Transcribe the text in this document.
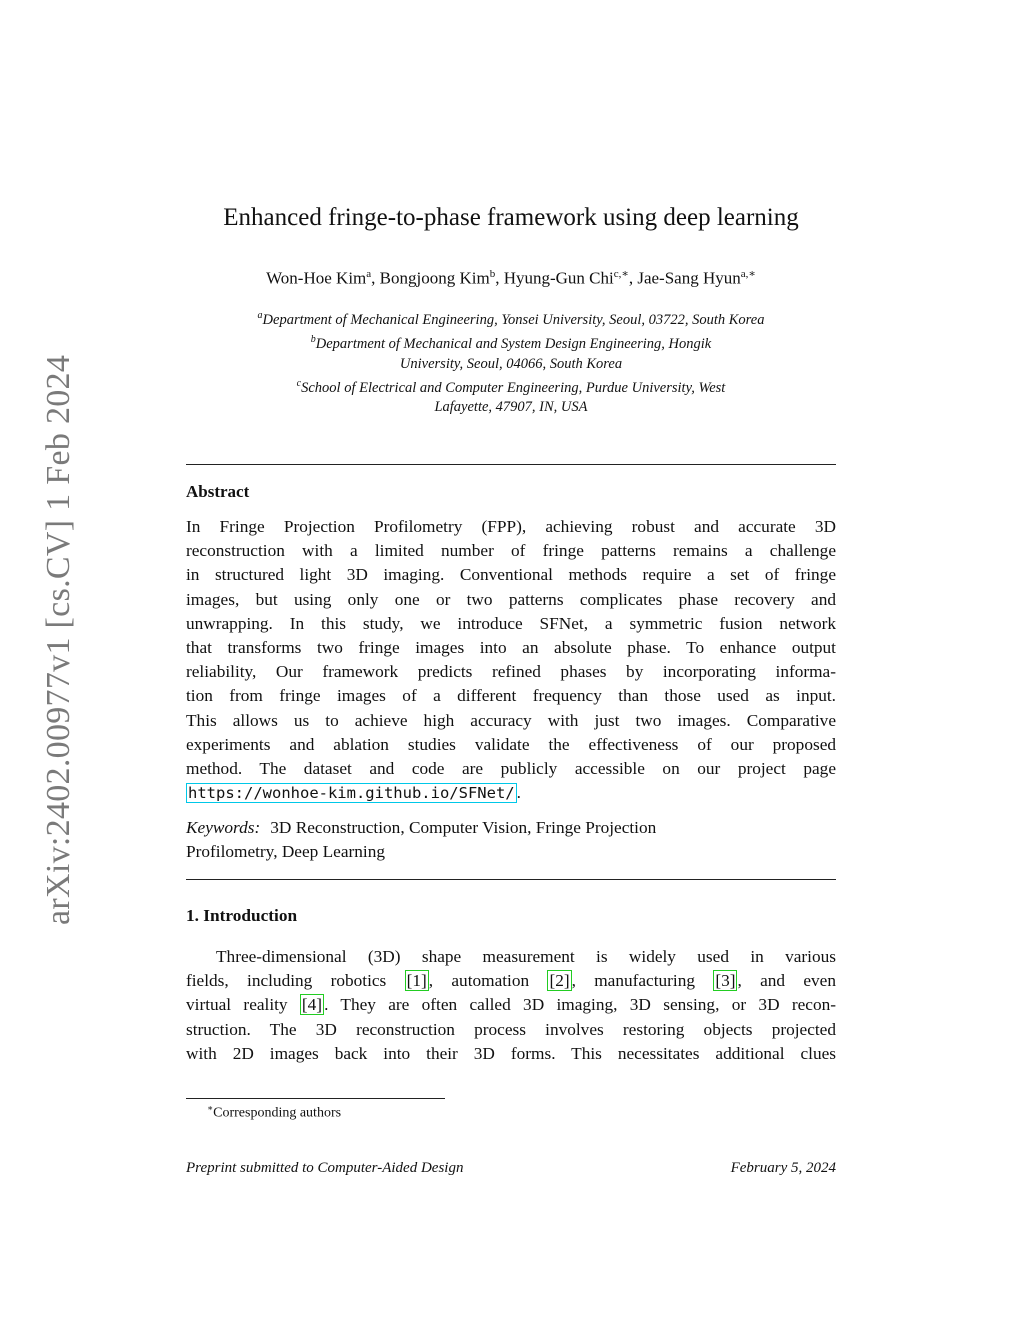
arXiv:2402.00977v1 [cs.CV] 1 Feb 2024
Enhanced fringe-to-phase framework using deep learning
Won-Hoe Kim$^a$, Bongjoong Kim$^b$, Hyung-Gun Chi$^{c,∗}$, Jae-Sang Hyun$^{a,∗}$
$^a$Department of Mechanical Engineering, Yonsei University, Seoul, 03722, South Korea
$^b$Department of Mechanical and System Design Engineering, Hongik
University, Seoul, 04066, South Korea
$^c$School of Electrical and Computer Engineering, Purdue University, West
Lafayette, 47907, IN, USA
Abstract
In Fringe Projection Profilometry (FPP), achieving robust and accurate 3D
reconstruction with a limited number of fringe patterns remains a challenge
in structured light 3D imaging. Conventional methods require a set of fringe
images, but using only one or two patterns complicates phase recovery and
unwrapping. In this study, we introduce SFNet, a symmetric fusion network
that transforms two fringe images into an absolute phase. To enhance output
reliability, Our framework predicts refined phases by incorporating informa-
tion from fringe images of a different frequency than those used as input.
This allows us to achieve high accuracy with just two images. Comparative
experiments and ablation studies validate the effectiveness of our proposed
method. The dataset and code are publicly accessible on our project page
https://wonhoe-kim.github.io/SFNet/ .
Keywords: 3D Reconstruction, Computer Vision, Fringe Projection
Profilometry, Deep Learning
1. Introduction
Three-dimensional (3D) shape measurement is widely used in various
fields, including robotics [1] , automation [2] , manufacturing [3] , and even
virtual reality [4] . They are often called 3D imaging, 3D sensing, or 3D recon-
struction. The 3D reconstruction process involves restoring objects projected
with 2D images back into their 3D forms. This necessitates additional clues
∗Corresponding authors
Preprint submitted to Computer-Aided Design	February 5, 2024
